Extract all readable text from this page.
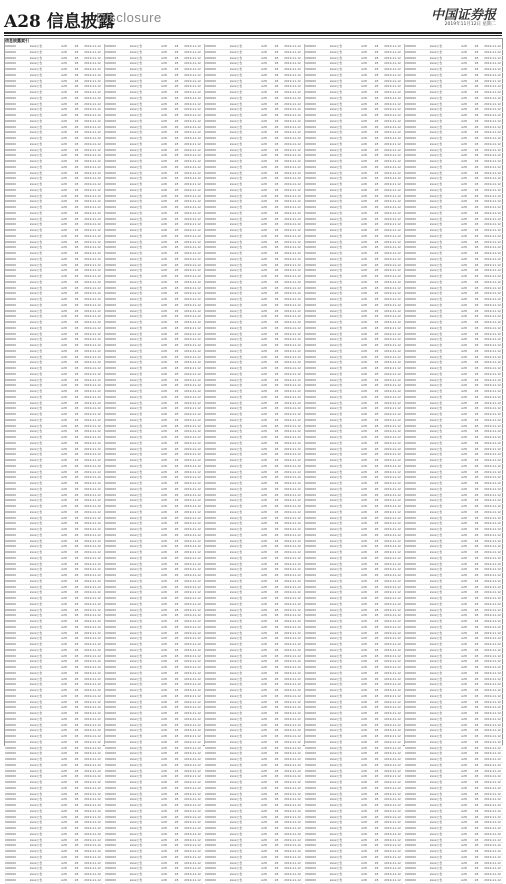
A28 信息披露
Disclosure	中国证券报
2019年11月12日 星期二
信息披露索引
000000	xxxx公告	A28	28	2019-11-12
000000	xxxx公告	A28	28	2019-11-12
000000	xxxx公告	A28	28	2019-11-12
000000	xxxx公告	A28	28	2019-11-12
000000	xxxx公告	A28	28	2019-11-12
000000	xxxx公告	A28	28	2019-11-12
000000	xxxx公告	A28	28	2019-11-12
000000	xxxx公告	A28	28	2019-11-12
000000	xxxx公告	A28	28	2019-11-12
000000	xxxx公告	A28	28	2019-11-12
000000	xxxx公告	A28	28	2019-11-12
000000	xxxx公告	A28	28	2019-11-12
000000	xxxx公告	A28	28	2019-11-12
000000	xxxx公告	A28	28	2019-11-12
000000	xxxx公告	A28	28	2019-11-12
000000	xxxx公告	A28	28	2019-11-12
000000	xxxx公告	A28	28	2019-11-12
000000	xxxx公告	A28	28	2019-11-12
000000	xxxx公告	A28	28	2019-11-12
000000	xxxx公告	A28	28	2019-11-12
000000	xxxx公告	A28	28	2019-11-12
000000	xxxx公告	A28	28	2019-11-12
000000	xxxx公告	A28	28	2019-11-12
000000	xxxx公告	A28	28	2019-11-12
000000	xxxx公告	A28	28	2019-11-12
000000	xxxx公告	A28	28	2019-11-12
000000	xxxx公告	A28	28	2019-11-12
000000	xxxx公告	A28	28	2019-11-12
000000	xxxx公告	A28	28	2019-11-12
000000	xxxx公告	A28	28	2019-11-12
000000	xxxx公告	A28	28	2019-11-12
000000	xxxx公告	A28	28	2019-11-12
000000	xxxx公告	A28	28	2019-11-12
000000	xxxx公告	A28	28	2019-11-12
000000	xxxx公告	A28	28	2019-11-12
000000	xxxx公告	A28	28	2019-11-12
000000	xxxx公告	A28	28	2019-11-12
000000	xxxx公告	A28	28	2019-11-12
000000	xxxx公告	A28	28	2019-11-12
000000	xxxx公告	A28	28	2019-11-12
000000	xxxx公告	A28	28	2019-11-12
000000	xxxx公告	A28	28	2019-11-12
000000	xxxx公告	A28	28	2019-11-12
000000	xxxx公告	A28	28	2019-11-12
000000	xxxx公告	A28	28	2019-11-12
000000	xxxx公告	A28	28	2019-11-12
000000	xxxx公告	A28	28	2019-11-12
000000	xxxx公告	A28	28	2019-11-12
000000	xxxx公告	A28	28	2019-11-12
000000	xxxx公告	A28	28	2019-11-12
000000	xxxx公告	A28	28	2019-11-12
000000	xxxx公告	A28	28	2019-11-12
000000	xxxx公告	A28	28	2019-11-12
000000	xxxx公告	A28	28	2019-11-12
000000	xxxx公告	A28	28	2019-11-12
000000	xxxx公告	A28	28	2019-11-12
000000	xxxx公告	A28	28	2019-11-12
000000	xxxx公告	A28	28	2019-11-12
000000	xxxx公告	A28	28	2019-11-12
000000	xxxx公告	A28	28	2019-11-12
000000	xxxx公告	A28	28	2019-11-12
000000	xxxx公告	A28	28	2019-11-12
000000	xxxx公告	A28	28	2019-11-12
000000	xxxx公告	A28	28	2019-11-12
000000	xxxx公告	A28	28	2019-11-12
000000	xxxx公告	A28	28	2019-11-12
000000	xxxx公告	A28	28	2019-11-12
000000	xxxx公告	A28	28	2019-11-12
000000	xxxx公告	A28	28	2019-11-12
000000	xxxx公告	A28	28	2019-11-12
000000	xxxx公告	A28	28	2019-11-12
000000	xxxx公告	A28	28	2019-11-12
000000	xxxx公告	A28	28	2019-11-12
000000	xxxx公告	A28	28	2019-11-12
000000	xxxx公告	A28	28	2019-11-12
000000	xxxx公告	A28	28	2019-11-12
000000	xxxx公告	A28	28	2019-11-12
000000	xxxx公告	A28	28	2019-11-12
000000	xxxx公告	A28	28	2019-11-12
000000	xxxx公告	A28	28	2019-11-12
000000	xxxx公告	A28	28	2019-11-12
000000	xxxx公告	A28	28	2019-11-12
000000	xxxx公告	A28	28	2019-11-12
000000	xxxx公告	A28	28	2019-11-12
000000	xxxx公告	A28	28	2019-11-12
000000	xxxx公告	A28	28	2019-11-12
000000	xxxx公告	A28	28	2019-11-12
000000	xxxx公告	A28	28	2019-11-12
000000	xxxx公告	A28	28	2019-11-12
000000	xxxx公告	A28	28	2019-11-12
000000	xxxx公告	A28	28	2019-11-12
000000	xxxx公告	A28	28	2019-11-12
000000	xxxx公告	A28	28	2019-11-12
000000	xxxx公告	A28	28	2019-11-12
000000	xxxx公告	A28	28	2019-11-12
000000	xxxx公告	A28	28	2019-11-12
000000	xxxx公告	A28	28	2019-11-12
000000	xxxx公告	A28	28	2019-11-12
000000	xxxx公告	A28	28	2019-11-12
000000	xxxx公告	A28	28	2019-11-12
000000	xxxx公告	A28	28	2019-11-12
000000	xxxx公告	A28	28	2019-11-12
000000	xxxx公告	A28	28	2019-11-12
000000	xxxx公告	A28	28	2019-11-12
000000	xxxx公告	A28	28	2019-11-12
000000	xxxx公告	A28	28	2019-11-12
000000	xxxx公告	A28	28	2019-11-12
000000	xxxx公告	A28	28	2019-11-12
000000	xxxx公告	A28	28	2019-11-12
000000	xxxx公告	A28	28	2019-11-12
000000	xxxx公告	A28	28	2019-11-12
000000	xxxx公告	A28	28	2019-11-12
000000	xxxx公告	A28	28	2019-11-12
000000	xxxx公告	A28	28	2019-11-12
000000	xxxx公告	A28	28	2019-11-12
000000	xxxx公告	A28	28	2019-11-12
000000	xxxx公告	A28	28	2019-11-12
000000	xxxx公告	A28	28	2019-11-12
000000	xxxx公告	A28	28	2019-11-12
000000	xxxx公告	A28	28	2019-11-12
000000	xxxx公告	A28	28	2019-11-12
000000	xxxx公告	A28	28	2019-11-12
000000	xxxx公告	A28	28	2019-11-12
000000	xxxx公告	A28	28	2019-11-12
000000	xxxx公告	A28	28	2019-11-12
000000	xxxx公告	A28	28	2019-11-12
000000	xxxx公告	A28	28	2019-11-12
000000	xxxx公告	A28	28	2019-11-12
000000	xxxx公告	A28	28	2019-11-12
000000	xxxx公告	A28	28	2019-11-12
000000	xxxx公告	A28	28	2019-11-12
000000	xxxx公告	A28	28	2019-11-12
000000	xxxx公告	A28	28	2019-11-12
000000	xxxx公告	A28	28	2019-11-12
000000	xxxx公告	A28	28	2019-11-12
000000	xxxx公告	A28	28	2019-11-12
000000	xxxx公告	A28	28	2019-11-12
000000	xxxx公告	A28	28	2019-11-12
000000	xxxx公告	A28	28	2019-11-12
000000	xxxx公告	A28	28	2019-11-12
000000	xxxx公告	A28	28	2019-11-12
000000	xxxx公告	A28	28	2019-11-12
000000	xxxx公告	A28	28	2019-11-12
000000	xxxx公告	A28	28	2019-11-12
000000	xxxx公告	A28	28	2019-11-12
000000	xxxx公告	A28	28	2019-11-12
000000	xxxx公告	A28	28	2019-11-12
000000	xxxx公告	A28	28	2019-11-12
000000	xxxx公告	A28	28	2019-11-12
000000	xxxx公告	A28	28	2019-11-12
000000	xxxx公告	A28	28	2019-11-12
000000	xxxx公告	A28	28	2019-11-12
000000	xxxx公告	A28	28	2019-11-12
000000	xxxx公告	A28	28	2019-11-12
000000	xxxx公告	A28	28	2019-11-12
000000	xxxx公告	A28	28	2019-11-12
000000	xxxx公告	A28	28	2019-11-12
000000	xxxx公告	A28	28	2019-11-12
000000	xxxx公告	A28	28	2019-11-12
000000	xxxx公告	A28	28	2019-11-12
000000	xxxx公告	A28	28	2019-11-12
000000	xxxx公告	A28	28	2019-11-12
000000	xxxx公告	A28	28	2019-11-12
000000	xxxx公告	A28	28	2019-11-12
000000	xxxx公告	A28	28	2019-11-12
000000	xxxx公告	A28	28	2019-11-12
000000	xxxx公告	A28	28	2019-11-12
000000	xxxx公告	A28	28	2019-11-12
000000	xxxx公告	A28	28	2019-11-12
000000	xxxx公告	A28	28	2019-11-12
000000	xxxx公告	A28	28	2019-11-12
000000	xxxx公告	A28	28	2019-11-12
000000	xxxx公告	A28	28	2019-11-12
000000	xxxx公告	A28	28	2019-11-12
000000	xxxx公告	A28	28	2019-11-12
000000	xxxx公告	A28	28	2019-11-12
000000	xxxx公告	A28	28	2019-11-12
000000	xxxx公告	A28	28	2019-11-12
000000	xxxx公告	A28	28	2019-11-12
000000	xxxx公告	A28	28	2019-11-12
000000	xxxx公告	A28	28	2019-11-12
000000	xxxx公告	A28	28	2019-11-12
000000	xxxx公告	A28	28	2019-11-12
000000	xxxx公告	A28	28	2019-11-12
000000	xxxx公告	A28	28	2019-11-12
000000	xxxx公告	A28	28	2019-11-12
000000	xxxx公告	A28	28	2019-11-12
000000	xxxx公告	A28	28	2019-11-12
000000	xxxx公告	A28	28	2019-11-12
000000	xxxx公告	A28	28	2019-11-12
000000	xxxx公告	A28	28	2019-11-12
000000	xxxx公告	A28	28	2019-11-12
000000	xxxx公告	A28	28	2019-11-12
000000	xxxx公告	A28	28	2019-11-12
000000	xxxx公告	A28	28	2019-11-12
000000	xxxx公告	A28	28	2019-11-12
000000	xxxx公告	A28	28	2019-11-12
000000	xxxx公告	A28	28	2019-11-12
000000	xxxx公告	A28	28	2019-11-12
000000	xxxx公告	A28	28	2019-11-12
000000	xxxx公告	A28	28	2019-11-12
000000	xxxx公告	A28	28	2019-11-12
000000	xxxx公告	A28	28	2019-11-12
000000	xxxx公告	A28	28	2019-11-12
000000	xxxx公告	A28	28	2019-11-12
000000	xxxx公告	A28	28	2019-11-12
000000	xxxx公告	A28	28	2019-11-12
000000	xxxx公告	A28	28	2019-11-12
000000	xxxx公告	A28	28	2019-11-12
000000	xxxx公告	A28	28	2019-11-12
000000	xxxx公告	A28	28	2019-11-12
000000	xxxx公告	A28	28	2019-11-12
000000	xxxx公告	A28	28	2019-11-12
000000	xxxx公告	A28	28	2019-11-12
000000	xxxx公告	A28	28	2019-11-12
000000	xxxx公告	A28	28	2019-11-12
000000	xxxx公告	A28	28	2019-11-12
000000	xxxx公告	A28	28	2019-11-12
000000	xxxx公告	A28	28	2019-11-12
000000	xxxx公告	A28	28	2019-11-12
000000	xxxx公告	A28	28	2019-11-12
000000	xxxx公告	A28	28	2019-11-12
000000	xxxx公告	A28	28	2019-11-12
000000	xxxx公告	A28	28	2019-11-12
000000	xxxx公告	A28	28	2019-11-12
000000	xxxx公告	A28	28	2019-11-12
000000	xxxx公告	A28	28	2019-11-12
000000	xxxx公告	A28	28	2019-11-12
000000	xxxx公告	A28	28	2019-11-12
000000	xxxx公告	A28	28	2019-11-12
000000	xxxx公告	A28	28	2019-11-12
000000	xxxx公告	A28	28	2019-11-12
000000	xxxx公告	A28	28	2019-11-12
000000	xxxx公告	A28	28	2019-11-12
000000	xxxx公告	A28	28	2019-11-12
000000	xxxx公告	A28	28	2019-11-12
000000	xxxx公告	A28	28	2019-11-12
000000	xxxx公告	A28	28	2019-11-12
000000	xxxx公告	A28	28	2019-11-12
000000	xxxx公告	A28	28	2019-11-12
000000	xxxx公告	A28	28	2019-11-12
000000	xxxx公告	A28	28	2019-11-12
000000	xxxx公告	A28	28	2019-11-12
000000	xxxx公告	A28	28	2019-11-12
000000	xxxx公告	A28	28	2019-11-12
000000	xxxx公告	A28	28	2019-11-12
000000	xxxx公告	A28	28	2019-11-12
000000	xxxx公告	A28	28	2019-11-12
000000	xxxx公告	A28	28	2019-11-12
000000	xxxx公告	A28	28	2019-11-12
000000	xxxx公告	A28	28	2019-11-12
000000	xxxx公告	A28	28	2019-11-12
000000	xxxx公告	A28	28	2019-11-12
000000	xxxx公告	A28	28	2019-11-12
000000	xxxx公告	A28	28	2019-11-12
000000	xxxx公告	A28	28	2019-11-12
000000	xxxx公告	A28	28	2019-11-12
000000	xxxx公告	A28	28	2019-11-12
000000	xxxx公告	A28	28	2019-11-12
000000	xxxx公告	A28	28	2019-11-12
000000	xxxx公告	A28	28	2019-11-12
000000	xxxx公告	A28	28	2019-11-12
000000	xxxx公告	A28	28	2019-11-12
000000	xxxx公告	A28	28	2019-11-12
000000	xxxx公告	A28	28	2019-11-12
000000	xxxx公告	A28	28	2019-11-12
000000	xxxx公告	A28	28	2019-11-12
000000	xxxx公告	A28	28	2019-11-12
000000	xxxx公告	A28	28	2019-11-12
000000	xxxx公告	A28	28	2019-11-12
000000	xxxx公告	A28	28	2019-11-12
000000	xxxx公告	A28	28	2019-11-12
000000	xxxx公告	A28	28	2019-11-12
000000	xxxx公告	A28	28	2019-11-12
000000	xxxx公告	A28	28	2019-11-12
000000	xxxx公告	A28	28	2019-11-12
000000	xxxx公告	A28	28	2019-11-12
000000	xxxx公告	A28	28	2019-11-12
000000	xxxx公告	A28	28	2019-11-12
000000	xxxx公告	A28	28	2019-11-12
000000	xxxx公告	A28	28	2019-11-12
000000	xxxx公告	A28	28	2019-11-12
000000	xxxx公告	A28	28	2019-11-12
000000	xxxx公告	A28	28	2019-11-12
000000	xxxx公告	A28	28	2019-11-12
000000	xxxx公告	A28	28	2019-11-12
000000	xxxx公告	A28	28	2019-11-12
000000	xxxx公告	A28	28	2019-11-12
000000	xxxx公告	A28	28	2019-11-12
000000	xxxx公告	A28	28	2019-11-12
000000	xxxx公告	A28	28	2019-11-12
000000	xxxx公告	A28	28	2019-11-12
000000	xxxx公告	A28	28	2019-11-12
000000	xxxx公告	A28	28	2019-11-12
000000	xxxx公告	A28	28	2019-11-12
000000	xxxx公告	A28	28	2019-11-12
000000	xxxx公告	A28	28	2019-11-12
000000	xxxx公告	A28	28	2019-11-12
000000	xxxx公告	A28	28	2019-11-12
000000	xxxx公告	A28	28	2019-11-12
000000	xxxx公告	A28	28	2019-11-12
000000	xxxx公告	A28	28	2019-11-12
000000	xxxx公告	A28	28	2019-11-12
000000	xxxx公告	A28	28	2019-11-12
000000	xxxx公告	A28	28	2019-11-12
000000	xxxx公告	A28	28	2019-11-12
000000	xxxx公告	A28	28	2019-11-12
000000	xxxx公告	A28	28	2019-11-12
000000	xxxx公告	A28	28	2019-11-12
000000	xxxx公告	A28	28	2019-11-12
000000	xxxx公告	A28	28	2019-11-12
000000	xxxx公告	A28	28	2019-11-12
000000	xxxx公告	A28	28	2019-11-12
000000	xxxx公告	A28	28	2019-11-12
000000	xxxx公告	A28	28	2019-11-12
000000	xxxx公告	A28	28	2019-11-12
000000	xxxx公告	A28	28	2019-11-12
000000	xxxx公告	A28	28	2019-11-12
000000	xxxx公告	A28	28	2019-11-12
000000	xxxx公告	A28	28	2019-11-12
000000	xxxx公告	A28	28	2019-11-12
000000	xxxx公告	A28	28	2019-11-12
000000	xxxx公告	A28	28	2019-11-12
000000	xxxx公告	A28	28	2019-11-12
000000	xxxx公告	A28	28	2019-11-12
000000	xxxx公告	A28	28	2019-11-12
000000	xxxx公告	A28	28	2019-11-12
000000	xxxx公告	A28	28	2019-11-12
000000	xxxx公告	A28	28	2019-11-12
000000	xxxx公告	A28	28	2019-11-12
000000	xxxx公告	A28	28	2019-11-12
000000	xxxx公告	A28	28	2019-11-12
000000	xxxx公告	A28	28	2019-11-12
000000	xxxx公告	A28	28	2019-11-12
000000	xxxx公告	A28	28	2019-11-12
000000	xxxx公告	A28	28	2019-11-12
000000	xxxx公告	A28	28	2019-11-12
000000	xxxx公告	A28	28	2019-11-12
000000	xxxx公告	A28	28	2019-11-12
000000	xxxx公告	A28	28	2019-11-12
000000	xxxx公告	A28	28	2019-11-12
000000	xxxx公告	A28	28	2019-11-12
000000	xxxx公告	A28	28	2019-11-12
000000	xxxx公告	A28	28	2019-11-12
000000	xxxx公告	A28	28	2019-11-12
000000	xxxx公告	A28	28	2019-11-12
000000	xxxx公告	A28	28	2019-11-12
000000	xxxx公告	A28	28	2019-11-12
000000	xxxx公告	A28	28	2019-11-12
000000	xxxx公告	A28	28	2019-11-12
000000	xxxx公告	A28	28	2019-11-12
000000	xxxx公告	A28	28	2019-11-12
000000	xxxx公告	A28	28	2019-11-12
000000	xxxx公告	A28	28	2019-11-12
000000	xxxx公告	A28	28	2019-11-12
000000	xxxx公告	A28	28	2019-11-12
000000	xxxx公告	A28	28	2019-11-12
000000	xxxx公告	A28	28	2019-11-12
000000	xxxx公告	A28	28	2019-11-12
000000	xxxx公告	A28	28	2019-11-12
000000	xxxx公告	A28	28	2019-11-12
000000	xxxx公告	A28	28	2019-11-12
000000	xxxx公告	A28	28	2019-11-12
000000	xxxx公告	A28	28	2019-11-12
000000	xxxx公告	A28	28	2019-11-12
000000	xxxx公告	A28	28	2019-11-12
000000	xxxx公告	A28	28	2019-11-12
000000	xxxx公告	A28	28	2019-11-12
000000	xxxx公告	A28	28	2019-11-12
000000	xxxx公告	A28	28	2019-11-12
000000	xxxx公告	A28	28	2019-11-12
000000	xxxx公告	A28	28	2019-11-12
000000	xxxx公告	A28	28	2019-11-12
000000	xxxx公告	A28	28	2019-11-12
000000	xxxx公告	A28	28	2019-11-12
000000	xxxx公告	A28	28	2019-11-12
000000	xxxx公告	A28	28	2019-11-12
000000	xxxx公告	A28	28	2019-11-12
000000	xxxx公告	A28	28	2019-11-12
000000	xxxx公告	A28	28	2019-11-12
000000	xxxx公告	A28	28	2019-11-12
000000	xxxx公告	A28	28	2019-11-12
000000	xxxx公告	A28	28	2019-11-12
000000	xxxx公告	A28	28	2019-11-12
000000	xxxx公告	A28	28	2019-11-12
000000	xxxx公告	A28	28	2019-11-12
000000	xxxx公告	A28	28	2019-11-12
000000	xxxx公告	A28	28	2019-11-12
000000	xxxx公告	A28	28	2019-11-12
000000	xxxx公告	A28	28	2019-11-12
000000	xxxx公告	A28	28	2019-11-12
000000	xxxx公告	A28	28	2019-11-12
000000	xxxx公告	A28	28	2019-11-12
000000	xxxx公告	A28	28	2019-11-12
000000	xxxx公告	A28	28	2019-11-12
000000	xxxx公告	A28	28	2019-11-12
000000	xxxx公告	A28	28	2019-11-12
000000	xxxx公告	A28	28	2019-11-12
000000	xxxx公告	A28	28	2019-11-12
000000	xxxx公告	A28	28	2019-11-12
000000	xxxx公告	A28	28	2019-11-12
000000	xxxx公告	A28	28	2019-11-12
000000	xxxx公告	A28	28	2019-11-12
000000	xxxx公告	A28	28	2019-11-12
000000	xxxx公告	A28	28	2019-11-12
000000	xxxx公告	A28	28	2019-11-12
000000	xxxx公告	A28	28	2019-11-12
000000	xxxx公告	A28	28	2019-11-12
000000	xxxx公告	A28	28	2019-11-12
000000	xxxx公告	A28	28	2019-11-12
000000	xxxx公告	A28	28	2019-11-12
000000	xxxx公告	A28	28	2019-11-12
000000	xxxx公告	A28	28	2019-11-12
000000	xxxx公告	A28	28	2019-11-12
000000	xxxx公告	A28	28	2019-11-12
000000	xxxx公告	A28	28	2019-11-12
000000	xxxx公告	A28	28	2019-11-12
000000	xxxx公告	A28	28	2019-11-12
000000	xxxx公告	A28	28	2019-11-12
000000	xxxx公告	A28	28	2019-11-12
000000	xxxx公告	A28	28	2019-11-12
000000	xxxx公告	A28	28	2019-11-12
000000	xxxx公告	A28	28	2019-11-12
000000	xxxx公告	A28	28	2019-11-12
000000	xxxx公告	A28	28	2019-11-12
000000	xxxx公告	A28	28	2019-11-12
000000	xxxx公告	A28	28	2019-11-12
000000	xxxx公告	A28	28	2019-11-12
000000	xxxx公告	A28	28	2019-11-12
000000	xxxx公告	A28	28	2019-11-12
000000	xxxx公告	A28	28	2019-11-12
000000	xxxx公告	A28	28	2019-11-12
000000	xxxx公告	A28	28	2019-11-12
000000	xxxx公告	A28	28	2019-11-12
000000	xxxx公告	A28	28	2019-11-12
000000	xxxx公告	A28	28	2019-11-12
000000	xxxx公告	A28	28	2019-11-12
000000	xxxx公告	A28	28	2019-11-12
000000	xxxx公告	A28	28	2019-11-12
000000	xxxx公告	A28	28	2019-11-12
000000	xxxx公告	A28	28	2019-11-12
000000	xxxx公告	A28	28	2019-11-12
000000	xxxx公告	A28	28	2019-11-12
000000	xxxx公告	A28	28	2019-11-12
000000	xxxx公告	A28	28	2019-11-12
000000	xxxx公告	A28	28	2019-11-12
000000	xxxx公告	A28	28	2019-11-12
000000	xxxx公告	A28	28	2019-11-12
000000	xxxx公告	A28	28	2019-11-12
000000	xxxx公告	A28	28	2019-11-12
000000	xxxx公告	A28	28	2019-11-12
000000	xxxx公告	A28	28	2019-11-12
000000	xxxx公告	A28	28	2019-11-12
000000	xxxx公告	A28	28	2019-11-12
000000	xxxx公告	A28	28	2019-11-12
000000	xxxx公告	A28	28	2019-11-12
000000	xxxx公告	A28	28	2019-11-12
000000	xxxx公告	A28	28	2019-11-12
000000	xxxx公告	A28	28	2019-11-12
000000	xxxx公告	A28	28	2019-11-12
000000	xxxx公告	A28	28	2019-11-12
000000	xxxx公告	A28	28	2019-11-12
000000	xxxx公告	A28	28	2019-11-12
000000	xxxx公告	A28	28	2019-11-12
000000	xxxx公告	A28	28	2019-11-12
000000	xxxx公告	A28	28	2019-11-12
000000	xxxx公告	A28	28	2019-11-12
000000	xxxx公告	A28	28	2019-11-12
000000	xxxx公告	A28	28	2019-11-12
000000	xxxx公告	A28	28	2019-11-12
000000	xxxx公告	A28	28	2019-11-12
000000	xxxx公告	A28	28	2019-11-12
000000	xxxx公告	A28	28	2019-11-12
000000	xxxx公告	A28	28	2019-11-12
000000	xxxx公告	A28	28	2019-11-12
000000	xxxx公告	A28	28	2019-11-12
000000	xxxx公告	A28	28	2019-11-12
000000	xxxx公告	A28	28	2019-11-12
000000	xxxx公告	A28	28	2019-11-12
000000	xxxx公告	A28	28	2019-11-12
000000	xxxx公告	A28	28	2019-11-12
000000	xxxx公告	A28	28	2019-11-12
000000	xxxx公告	A28	28	2019-11-12
000000	xxxx公告	A28	28	2019-11-12
000000	xxxx公告	A28	28	2019-11-12
000000	xxxx公告	A28	28	2019-11-12
000000	xxxx公告	A28	28	2019-11-12
000000	xxxx公告	A28	28	2019-11-12
000000	xxxx公告	A28	28	2019-11-12
000000	xxxx公告	A28	28	2019-11-12
000000	xxxx公告	A28	28	2019-11-12
000000	xxxx公告	A28	28	2019-11-12
000000	xxxx公告	A28	28	2019-11-12
000000	xxxx公告	A28	28	2019-11-12
000000	xxxx公告	A28	28	2019-11-12
000000	xxxx公告	A28	28	2019-11-12
000000	xxxx公告	A28	28	2019-11-12
000000	xxxx公告	A28	28	2019-11-12
000000	xxxx公告	A28	28	2019-11-12
000000	xxxx公告	A28	28	2019-11-12
000000	xxxx公告	A28	28	2019-11-12
000000	xxxx公告	A28	28	2019-11-12
000000	xxxx公告	A28	28	2019-11-12
000000	xxxx公告	A28	28	2019-11-12
000000	xxxx公告	A28	28	2019-11-12
000000	xxxx公告	A28	28	2019-11-12
000000	xxxx公告	A28	28	2019-11-12
000000	xxxx公告	A28	28	2019-11-12
000000	xxxx公告	A28	28	2019-11-12
000000	xxxx公告	A28	28	2019-11-12
000000	xxxx公告	A28	28	2019-11-12
000000	xxxx公告	A28	28	2019-11-12
000000	xxxx公告	A28	28	2019-11-12
000000	xxxx公告	A28	28	2019-11-12
000000	xxxx公告	A28	28	2019-11-12
000000	xxxx公告	A28	28	2019-11-12
000000	xxxx公告	A28	28	2019-11-12
000000	xxxx公告	A28	28	2019-11-12
000000	xxxx公告	A28	28	2019-11-12
000000	xxxx公告	A28	28	2019-11-12
000000	xxxx公告	A28	28	2019-11-12
000000	xxxx公告	A28	28	2019-11-12
000000	xxxx公告	A28	28	2019-11-12
000000	xxxx公告	A28	28	2019-11-12
000000	xxxx公告	A28	28	2019-11-12
000000	xxxx公告	A28	28	2019-11-12
000000	xxxx公告	A28	28	2019-11-12
000000	xxxx公告	A28	28	2019-11-12
000000	xxxx公告	A28	28	2019-11-12
000000	xxxx公告	A28	28	2019-11-12
000000	xxxx公告	A28	28	2019-11-12
000000	xxxx公告	A28	28	2019-11-12
000000	xxxx公告	A28	28	2019-11-12
000000	xxxx公告	A28	28	2019-11-12
000000	xxxx公告	A28	28	2019-11-12
000000	xxxx公告	A28	28	2019-11-12
000000	xxxx公告	A28	28	2019-11-12
000000	xxxx公告	A28	28	2019-11-12
000000	xxxx公告	A28	28	2019-11-12
000000	xxxx公告	A28	28	2019-11-12
000000	xxxx公告	A28	28	2019-11-12
000000	xxxx公告	A28	28	2019-11-12
000000	xxxx公告	A28	28	2019-11-12
000000	xxxx公告	A28	28	2019-11-12
000000	xxxx公告	A28	28	2019-11-12
000000	xxxx公告	A28	28	2019-11-12
000000	xxxx公告	A28	28	2019-11-12
000000	xxxx公告	A28	28	2019-11-12
000000	xxxx公告	A28	28	2019-11-12
000000	xxxx公告	A28	28	2019-11-12
000000	xxxx公告	A28	28	2019-11-12
000000	xxxx公告	A28	28	2019-11-12
000000	xxxx公告	A28	28	2019-11-12
000000	xxxx公告	A28	28	2019-11-12
000000	xxxx公告	A28	28	2019-11-12
000000	xxxx公告	A28	28	2019-11-12
000000	xxxx公告	A28	28	2019-11-12
000000	xxxx公告	A28	28	2019-11-12
000000	xxxx公告	A28	28	2019-11-12
000000	xxxx公告	A28	28	2019-11-12
000000	xxxx公告	A28	28	2019-11-12
000000	xxxx公告	A28	28	2019-11-12
000000	xxxx公告	A28	28	2019-11-12
000000	xxxx公告	A28	28	2019-11-12
000000	xxxx公告	A28	28	2019-11-12
000000	xxxx公告	A28	28	2019-11-12
000000	xxxx公告	A28	28	2019-11-12
000000	xxxx公告	A28	28	2019-11-12
000000	xxxx公告	A28	28	2019-11-12
000000	xxxx公告	A28	28	2019-11-12
000000	xxxx公告	A28	28	2019-11-12
000000	xxxx公告	A28	28	2019-11-12
000000	xxxx公告	A28	28	2019-11-12
000000	xxxx公告	A28	28	2019-11-12
000000	xxxx公告	A28	28	2019-11-12
000000	xxxx公告	A28	28	2019-11-12
000000	xxxx公告	A28	28	2019-11-12
000000	xxxx公告	A28	28	2019-11-12
000000	xxxx公告	A28	28	2019-11-12
000000	xxxx公告	A28	28	2019-11-12
000000	xxxx公告	A28	28	2019-11-12
000000	xxxx公告	A28	28	2019-11-12
000000	xxxx公告	A28	28	2019-11-12
000000	xxxx公告	A28	28	2019-11-12
000000	xxxx公告	A28	28	2019-11-12
000000	xxxx公告	A28	28	2019-11-12
000000	xxxx公告	A28	28	2019-11-12
000000	xxxx公告	A28	28	2019-11-12
000000	xxxx公告	A28	28	2019-11-12
000000	xxxx公告	A28	28	2019-11-12
000000	xxxx公告	A28	28	2019-11-12
000000	xxxx公告	A28	28	2019-11-12
000000	xxxx公告	A28	28	2019-11-12
000000	xxxx公告	A28	28	2019-11-12
000000	xxxx公告	A28	28	2019-11-12
000000	xxxx公告	A28	28	2019-11-12
000000	xxxx公告	A28	28	2019-11-12
000000	xxxx公告	A28	28	2019-11-12
000000	xxxx公告	A28	28	2019-11-12
000000	xxxx公告	A28	28	2019-11-12
000000	xxxx公告	A28	28	2019-11-12
000000	xxxx公告	A28	28	2019-11-12
000000	xxxx公告	A28	28	2019-11-12
000000	xxxx公告	A28	28	2019-11-12
000000	xxxx公告	A28	28	2019-11-12
000000	xxxx公告	A28	28	2019-11-12
000000	xxxx公告	A28	28	2019-11-12
000000	xxxx公告	A28	28	2019-11-12
000000	xxxx公告	A28	28	2019-11-12
000000	xxxx公告	A28	28	2019-11-12
000000	xxxx公告	A28	28	2019-11-12
000000	xxxx公告	A28	28	2019-11-12
000000	xxxx公告	A28	28	2019-11-12
000000	xxxx公告	A28	28	2019-11-12
000000	xxxx公告	A28	28	2019-11-12
000000	xxxx公告	A28	28	2019-11-12
000000	xxxx公告	A28	28	2019-11-12
000000	xxxx公告	A28	28	2019-11-12
000000	xxxx公告	A28	28	2019-11-12
000000	xxxx公告	A28	28	2019-11-12
000000	xxxx公告	A28	28	2019-11-12
000000	xxxx公告	A28	28	2019-11-12
000000	xxxx公告	A28	28	2019-11-12
000000	xxxx公告	A28	28	2019-11-12
000000	xxxx公告	A28	28	2019-11-12
000000	xxxx公告	A28	28	2019-11-12
000000	xxxx公告	A28	28	2019-11-12
000000	xxxx公告	A28	28	2019-11-12
000000	xxxx公告	A28	28	2019-11-12
000000	xxxx公告	A28	28	2019-11-12
000000	xxxx公告	A28	28	2019-11-12
000000	xxxx公告	A28	28	2019-11-12
000000	xxxx公告	A28	28	2019-11-12
000000	xxxx公告	A28	28	2019-11-12
000000	xxxx公告	A28	28	2019-11-12
000000	xxxx公告	A28	28	2019-11-12
000000	xxxx公告	A28	28	2019-11-12
000000	xxxx公告	A28	28	2019-11-12
000000	xxxx公告	A28	28	2019-11-12
000000	xxxx公告	A28	28	2019-11-12
000000	xxxx公告	A28	28	2019-11-12
000000	xxxx公告	A28	28	2019-11-12
000000	xxxx公告	A28	28	2019-11-12
000000	xxxx公告	A28	28	2019-11-12
000000	xxxx公告	A28	28	2019-11-12
000000	xxxx公告	A28	28	2019-11-12
000000	xxxx公告	A28	28	2019-11-12
000000	xxxx公告	A28	28	2019-11-12
000000	xxxx公告	A28	28	2019-11-12
000000	xxxx公告	A28	28	2019-11-12
000000	xxxx公告	A28	28	2019-11-12
000000	xxxx公告	A28	28	2019-11-12
000000	xxxx公告	A28	28	2019-11-12
000000	xxxx公告	A28	28	2019-11-12
000000	xxxx公告	A28	28	2019-11-12
000000	xxxx公告	A28	28	2019-11-12
000000	xxxx公告	A28	28	2019-11-12
000000	xxxx公告	A28	28	2019-11-12
000000	xxxx公告	A28	28	2019-11-12
000000	xxxx公告	A28	28	2019-11-12
000000	xxxx公告	A28	28	2019-11-12
000000	xxxx公告	A28	28	2019-11-12
000000	xxxx公告	A28	28	2019-11-12
000000	xxxx公告	A28	28	2019-11-12
000000	xxxx公告	A28	28	2019-11-12
000000	xxxx公告	A28	28	2019-11-12
000000	xxxx公告	A28	28	2019-11-12
000000	xxxx公告	A28	28	2019-11-12
000000	xxxx公告	A28	28	2019-11-12
000000	xxxx公告	A28	28	2019-11-12
000000	xxxx公告	A28	28	2019-11-12
000000	xxxx公告	A28	28	2019-11-12
000000	xxxx公告	A28	28	2019-11-12
000000	xxxx公告	A28	28	2019-11-12
000000	xxxx公告	A28	28	2019-11-12
000000	xxxx公告	A28	28	2019-11-12
000000	xxxx公告	A28	28	2019-11-12
000000	xxxx公告	A28	28	2019-11-12
000000	xxxx公告	A28	28	2019-11-12
000000	xxxx公告	A28	28	2019-11-12
000000	xxxx公告	A28	28	2019-11-12
000000	xxxx公告	A28	28	2019-11-12
000000	xxxx公告	A28	28	2019-11-12
000000	xxxx公告	A28	28	2019-11-12
000000	xxxx公告	A28	28	2019-11-12
000000	xxxx公告	A28	28	2019-11-12
000000	xxxx公告	A28	28	2019-11-12
000000	xxxx公告	A28	28	2019-11-12
000000	xxxx公告	A28	28	2019-11-12
000000	xxxx公告	A28	28	2019-11-12
000000	xxxx公告	A28	28	2019-11-12
000000	xxxx公告	A28	28	2019-11-12
000000	xxxx公告	A28	28	2019-11-12
000000	xxxx公告	A28	28	2019-11-12
000000	xxxx公告	A28	28	2019-11-12
000000	xxxx公告	A28	28	2019-11-12
000000	xxxx公告	A28	28	2019-11-12
000000	xxxx公告	A28	28	2019-11-12
000000	xxxx公告	A28	28	2019-11-12
000000	xxxx公告	A28	28	2019-11-12
000000	xxxx公告	A28	28	2019-11-12
000000	xxxx公告	A28	28	2019-11-12
000000	xxxx公告	A28	28	2019-11-12
000000	xxxx公告	A28	28	2019-11-12
000000	xxxx公告	A28	28	2019-11-12
000000	xxxx公告	A28	28	2019-11-12
000000	xxxx公告	A28	28	2019-11-12
000000	xxxx公告	A28	28	2019-11-12
000000	xxxx公告	A28	28	2019-11-12
000000	xxxx公告	A28	28	2019-11-12
000000	xxxx公告	A28	28	2019-11-12
000000	xxxx公告	A28	28	2019-11-12
000000	xxxx公告	A28	28	2019-11-12
000000	xxxx公告	A28	28	2019-11-12
000000	xxxx公告	A28	28	2019-11-12
000000	xxxx公告	A28	28	2019-11-12
000000	xxxx公告	A28	28	2019-11-12
000000	xxxx公告	A28	28	2019-11-12
000000	xxxx公告	A28	28	2019-11-12
000000	xxxx公告	A28	28	2019-11-12
000000	xxxx公告	A28	28	2019-11-12
000000	xxxx公告	A28	28	2019-11-12
000000	xxxx公告	A28	28	2019-11-12
000000	xxxx公告	A28	28	2019-11-12
000000	xxxx公告	A28	28	2019-11-12
000000	xxxx公告	A28	28	2019-11-12
000000	xxxx公告	A28	28	2019-11-12
000000	xxxx公告	A28	28	2019-11-12
000000	xxxx公告	A28	28	2019-11-12
000000	xxxx公告	A28	28	2019-11-12
